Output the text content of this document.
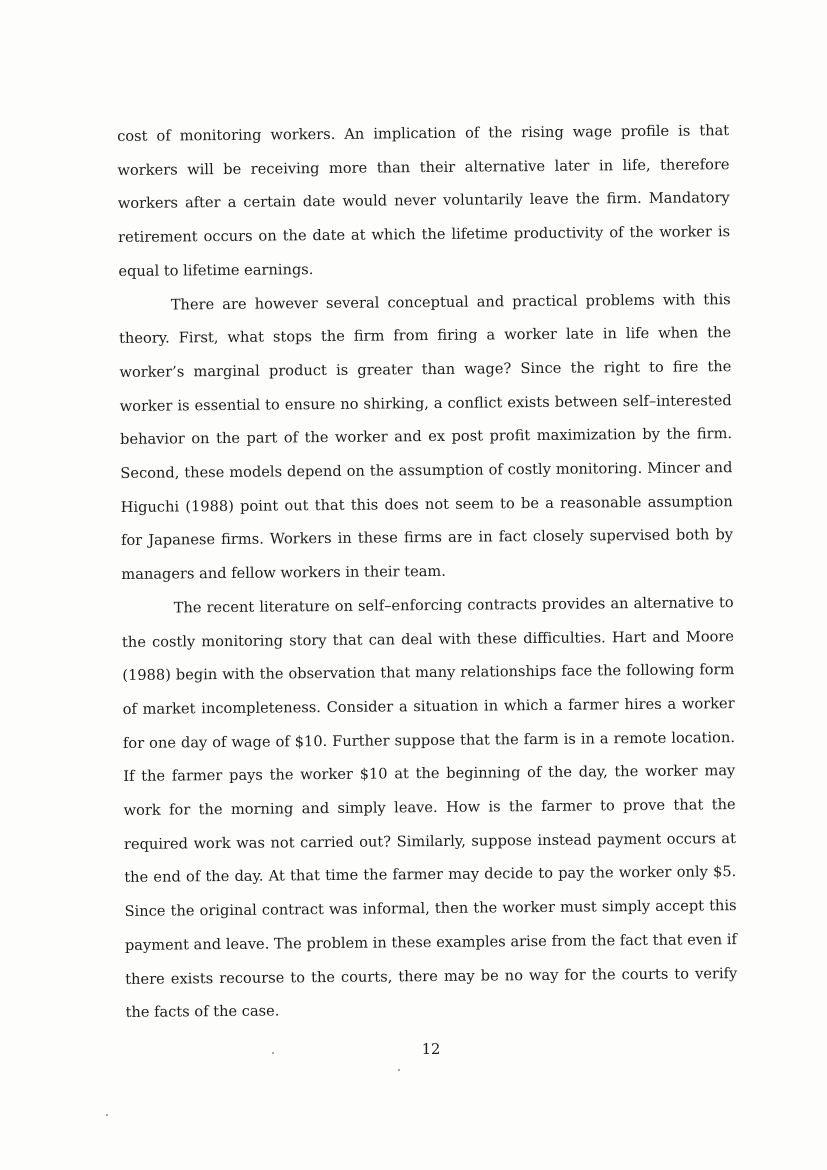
cost of monitoring workers. An implication of the rising wage profile is that workers will be receiving more than their alternative later in life, therefore workers after a certain date would never voluntarily leave the firm. Mandatory retirement occurs on the date at which the lifetime productivity of the worker is equal to lifetime earnings.

There are however several conceptual and practical problems with this theory. First, what stops the firm from firing a worker late in life when the worker’s marginal product is greater than wage? Since the right to fire the worker is essential to ensure no shirking, a conflict exists between self–interested behavior on the part of the worker and ex post profit maximization by the firm. Second, these models depend on the assumption of costly monitoring. Mincer and Higuchi (1988) point out that this does not seem to be a reasonable assumption for Japanese firms. Workers in these firms are in fact closely supervised both by managers and fellow workers in their team.

The recent literature on self–enforcing contracts provides an alternative to the costly monitoring story that can deal with these difficulties. Hart and Moore (1988) begin with the observation that many relationships face the following form of market incompleteness. Consider a situation in which a farmer hires a worker for one day of wage of $10. Further suppose that the farm is in a remote location. If the farmer pays the worker $10 at the beginning of the day, the worker may work for the morning and simply leave. How is the farmer to prove that the required work was not carried out? Similarly, suppose instead payment occurs at the end of the day. At that time the farmer may decide to pay the worker only $5. Since the original contract was informal, then the worker must simply accept this payment and leave. The problem in these examples arise from the fact that even if there exists recourse to the courts, there may be no way for the courts to verify the facts of the case.

12
